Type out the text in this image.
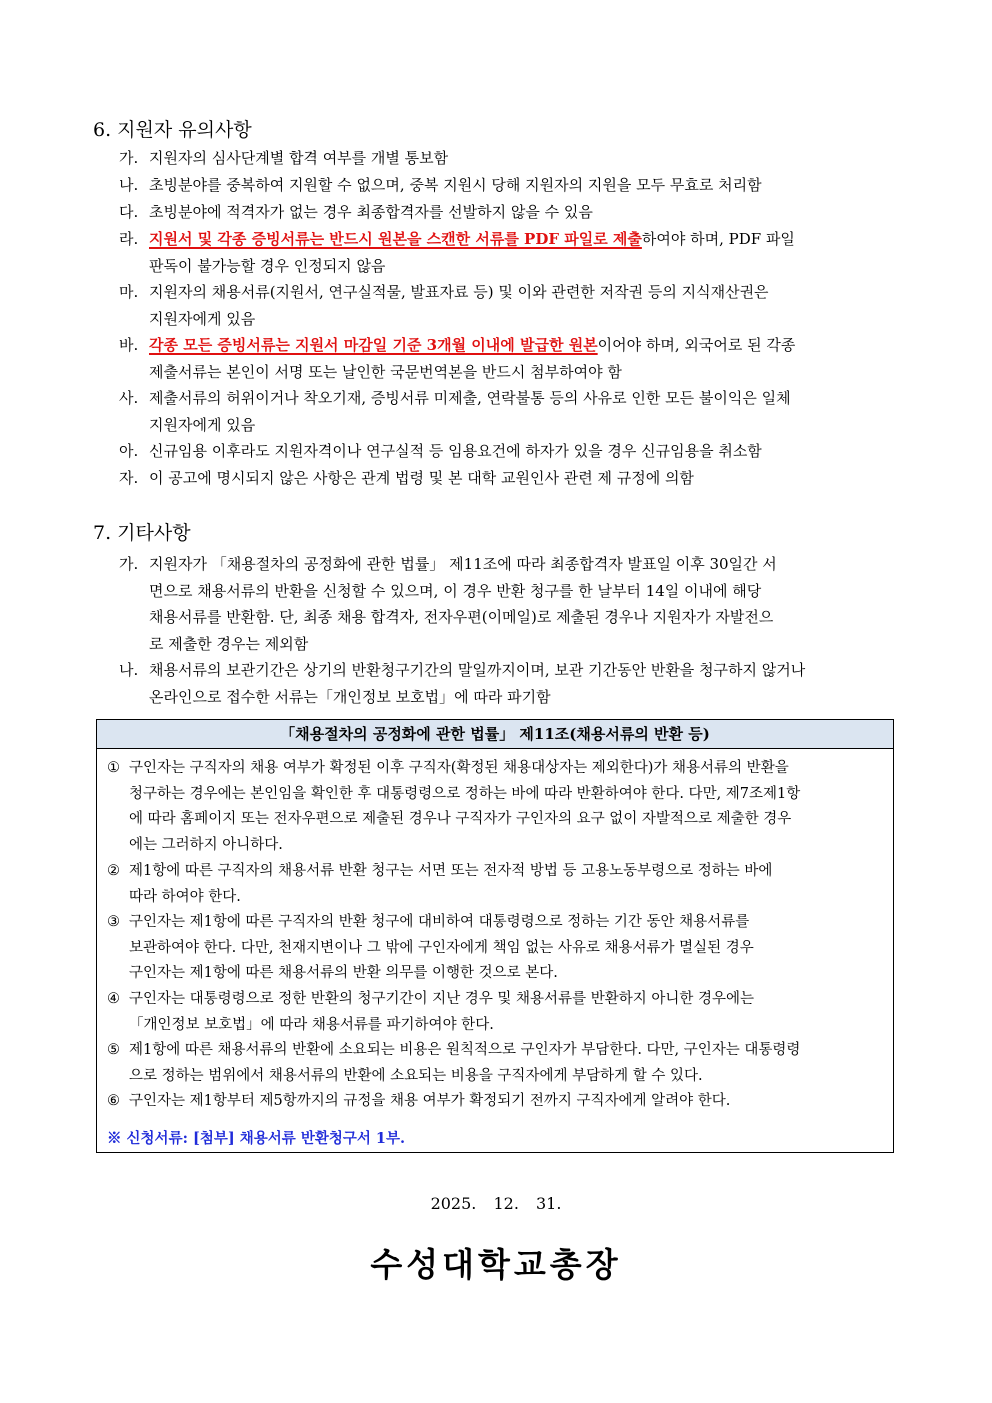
6. 지원자 유의사항
가. 지원자의 심사단계별 합격 여부를 개별 통보함
나. 초빙분야를 중복하여 지원할 수 없으며, 중복 지원시 당해 지원자의 지원을 모두 무효로 처리함
다. 초빙분야에 적격자가 없는 경우 최종합격자를 선발하지 않을 수 있음
라. 지원서 및 각종 증빙서류는 반드시 원본을 스캔한 서류를 PDF 파일로 제출하여야 하며, PDF 파일
판독이 불가능할 경우 인정되지 않음
마. 지원자의 채용서류(지원서, 연구실적물, 발표자료 등) 및 이와 관련한 저작권 등의 지식재산권은
지원자에게 있음
바. 각종 모든 증빙서류는 지원서 마감일 기준 3개월 이내에 발급한 원본이어야 하며, 외국어로 된 각종
제출서류는 본인이 서명 또는 날인한 국문번역본을 반드시 첨부하여야 함
사. 제출서류의 허위이거나 착오기재, 증빙서류 미제출, 연락불통 등의 사유로 인한 모든 불이익은 일체
지원자에게 있음
아. 신규임용 이후라도 지원자격이나 연구실적 등 임용요건에 하자가 있을 경우 신규임용을 취소함
자. 이 공고에 명시되지 않은 사항은 관계 법령 및 본 대학 교원인사 관련 제 규정에 의함
7. 기타사항
가. 지원자가 「채용절차의 공정화에 관한 법률」 제11조에 따라 최종합격자 발표일 이후 30일간 서
면으로 채용서류의 반환을 신청할 수 있으며, 이 경우 반환 청구를 한 날부터 14일 이내에 해당
채용서류를 반환함. 단, 최종 채용 합격자, 전자우편(이메일)로 제출된 경우나 지원자가 자발전으
로 제출한 경우는 제외함
나. 채용서류의 보관기간은 상기의 반환청구기간의 말일까지이며, 보관 기간동안 반환을 청구하지 않거나
온라인으로 접수한 서류는「개인정보 보호법」에 따라 파기함
「채용절차의 공정화에 관한 법률」 제11조(채용서류의 반환 등)
① 구인자는 구직자의 채용 여부가 확정된 이후 구직자(확정된 채용대상자는 제외한다)가 채용서류의 반환을
청구하는 경우에는 본인임을 확인한 후 대통령령으로 정하는 바에 따라 반환하여야 한다. 다만, 제7조제1항
에 따라 홈페이지 또는 전자우편으로 제출된 경우나 구직자가 구인자의 요구 없이 자발적으로 제출한 경우
에는 그러하지 아니하다.
② 제1항에 따른 구직자의 채용서류 반환 청구는 서면 또는 전자적 방법 등 고용노동부령으로 정하는 바에
따라 하여야 한다.
③ 구인자는 제1항에 따른 구직자의 반환 청구에 대비하여 대통령령으로 정하는 기간 동안 채용서류를
보관하여야 한다. 다만, 천재지변이나 그 밖에 구인자에게 책임 없는 사유로 채용서류가 멸실된 경우
구인자는 제1항에 따른 채용서류의 반환 의무를 이행한 것으로 본다.
④ 구인자는 대통령령으로 정한 반환의 청구기간이 지난 경우 및 채용서류를 반환하지 아니한 경우에는
「개인정보 보호법」에 따라 채용서류를 파기하여야 한다.
⑤ 제1항에 따른 채용서류의 반환에 소요되는 비용은 원칙적으로 구인자가 부담한다. 다만, 구인자는 대통령령
으로 정하는 범위에서 채용서류의 반환에 소요되는 비용을 구직자에게 부담하게 할 수 있다.
⑥ 구인자는 제1항부터 제5항까지의 규정을 채용 여부가 확정되기 전까지 구직자에게 알려야 한다.
※ 신청서류: [첨부] 채용서류 반환청구서 1부.
2025. 12. 31.
수성대학교총장
